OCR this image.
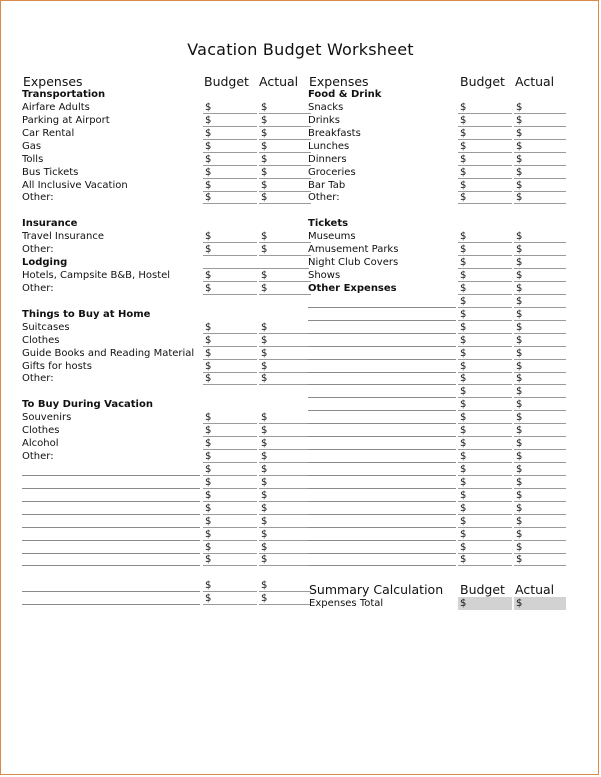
Vacation Budget Worksheet
Expenses	Budget Actual Expenses	Budget Actual
Transportation
Airfare Adults	$	$
Parking at Airport	$	$
Car Rental	$	$
Gas	$	$
Tolls	$	$
Bus Tickets	$	$
All Inclusive Vacation	$	$
Other:	$	$
Insurance
Travel Insurance	$	$
Other:	$	$
Lodging
Hotels, Campsite B&B, Hostel	$	$
Other:	$	$
Things to Buy at Home
Suitcases	$	$
Clothes	$	$
Guide Books and Reading Material $	$
Gifts for hosts	$	$
Other:	$	$
To Buy During Vacation
Souvenirs	$	$
Clothes	$	$
Alcohol	$	$
Other:	$	$
$	$
$	$
$	$
$	$
$	$
$	$
$	$
$	$
$	$
$	$
Food & Drink
Snacks	$	$
Drinks	$	$
Breakfasts	$	$
Lunches	$	$
Dinners	$	$
Groceries	$	$
Bar Tab	$	$
Other:	$	$
Tickets
Museums	$	$
Amusement Parks	$	$
Night Club Covers	$	$
Shows	$	$
Other Expenses	$	$
$	$
$	$
$	$
$	$
$	$
$	$
$	$
$	$
$	$
$	$
$	$
$	$
$	$
$	$
$	$
$	$
$	$
$	$
$	$
$	$
$	$
Summary Calculation Budget Actual
Expenses Total	$	$
